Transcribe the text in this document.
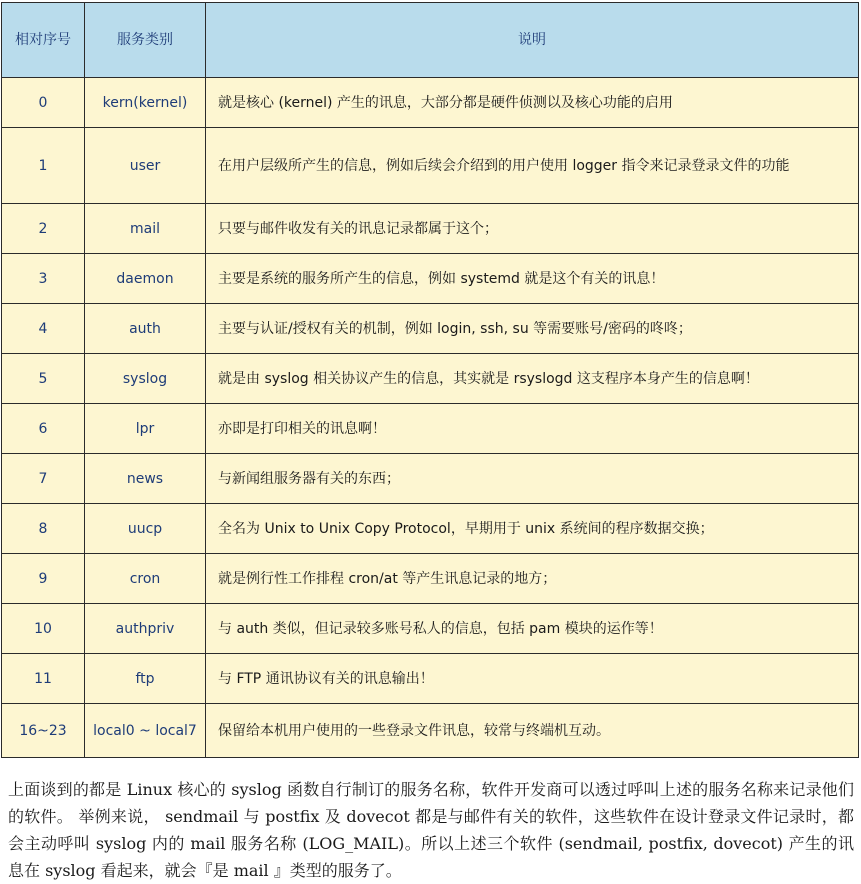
相对序号	服务类别	说明
0	kern(kernel)	就是核心 (kernel) 产生的讯息，大部分都是硬件侦测以及核心功能的启用
1	user	在用户层级所产生的信息，例如后续会介绍到的用户使用 logger 指令来记录登录文件的功能
2	mail	只要与邮件收发有关的讯息记录都属于这个；
3	daemon	主要是系统的服务所产生的信息，例如 systemd 就是这个有关的讯息！
4	auth	主要与认证/授权有关的机制，例如 login, ssh, su 等需要账号/密码的咚咚；
5	syslog	就是由 syslog 相关协议产生的信息，其实就是 rsyslogd 这支程序本身产生的信息啊！
6	lpr	亦即是打印相关的讯息啊！
7	news	与新闻组服务器有关的东西；
8	uucp	全名为 Unix to Unix Copy Protocol，早期用于 unix 系统间的程序数据交换；
9	cron	就是例行性工作排程 cron/at 等产生讯息记录的地方；
10	authpriv	与 auth 类似，但记录较多账号私人的信息，包括 pam 模块的运作等！
11	ftp	与 FTP 通讯协议有关的讯息输出！
16~23	local0 ~ local7	保留给本机用户使用的一些登录文件讯息，较常与终端机互动。

上面谈到的都是 Linux 核心的 syslog 函数自行制订的服务名称，软件开发商可以透过呼叫上述的服务名称来记录他们的软件。 举例来说， sendmail 与 postfix 及 dovecot 都是与邮件有关的软件，这些软件在设计登录文件记录时，都会主动呼叫 syslog 内的 mail 服务名称 (LOG_MAIL)。所以上述三个软件 (sendmail, postfix, dovecot) 产生的讯息在 syslog 看起来，就会『是 mail 』类型的服务了。
